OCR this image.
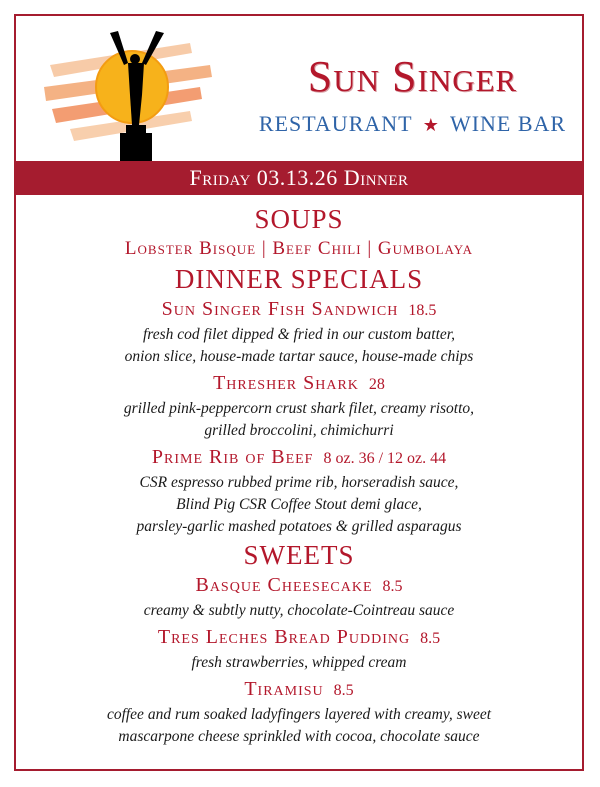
Sun Singer
RESTAURANT ★ WINE BAR
Friday 03.13.26 Dinner

SOUPS

Lobster Bisque | Beef Chili | Gumbolaya

DINNER SPECIALS

Sun Singer Fish Sandwich 18.5

fresh cod filet dipped & fried in our custom batter,

onion slice, house-made tartar sauce, house-made chips

Thresher Shark 28

grilled pink-peppercorn crust shark filet, creamy risotto,

grilled broccolini, chimichurri

Prime Rib of Beef 8 oz. 36 / 12 oz. 44

CSR espresso rubbed prime rib, horseradish sauce,

Blind Pig CSR Coffee Stout demi glace,

parsley-garlic mashed potatoes & grilled asparagus

SWEETS

Basque Cheesecake 8.5

creamy & subtly nutty, chocolate-Cointreau sauce

Tres Leches Bread Pudding 8.5

fresh strawberries, whipped cream

Tiramisu 8.5

coffee and rum soaked ladyfingers layered with creamy, sweet

mascarpone cheese sprinkled with cocoa, chocolate sauce
